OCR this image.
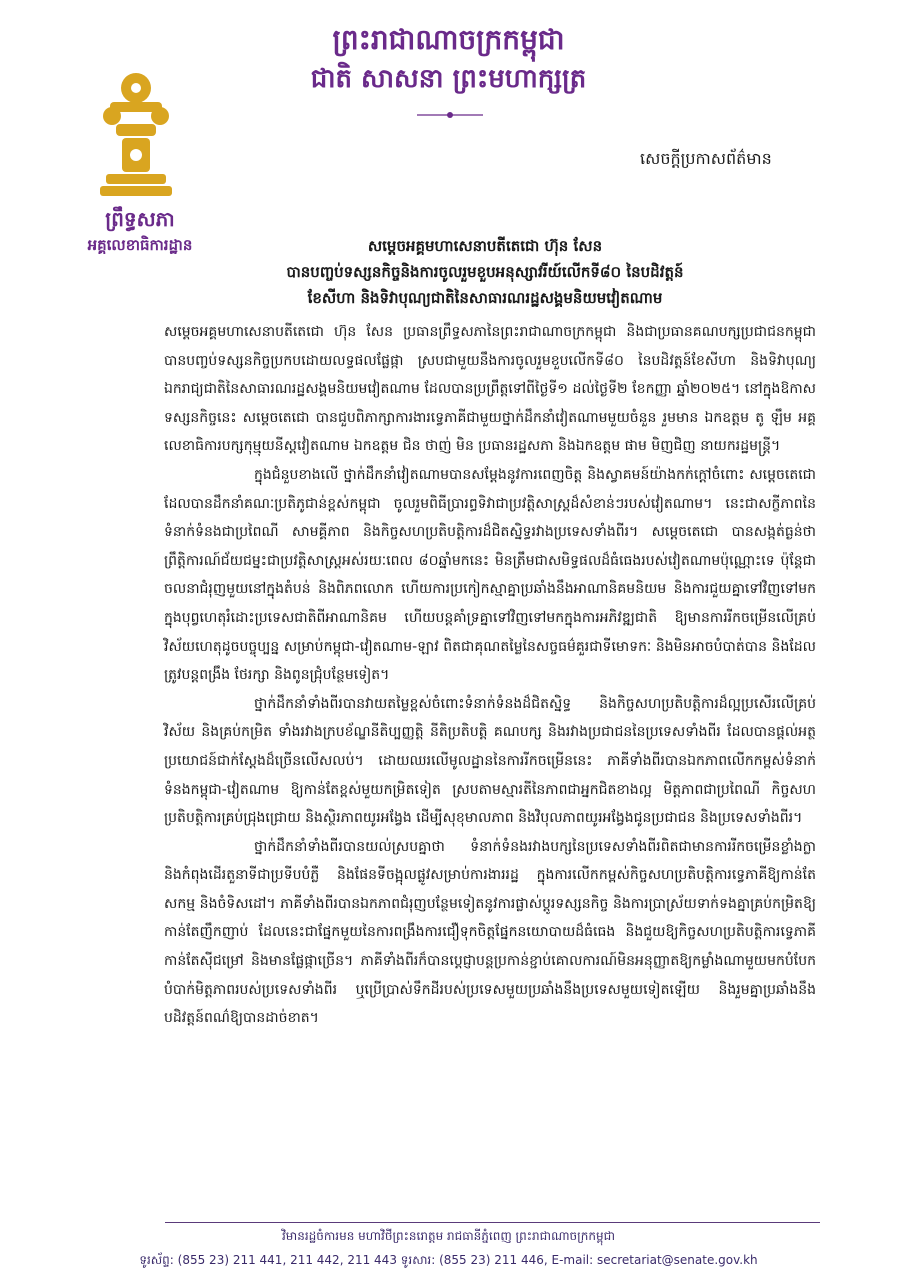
ព្រះរាជាណាចក្រកម្ពុជា
ជាតិ សាសនា ព្រះមហាក្សត្រ
ព្រឹទ្ធសភា
អគ្គលេខាធិការដ្ឋាន
សេចក្តីប្រកាសព័ត៌មាន
សម្តេចអគ្គមហាសេនាបតីតេជោ ហ៊ុន សែន
បានបញ្ចប់ទស្សនកិច្ចនិងការចូលរួមខួបអនុស្សាវរីយ៍លើកទី៨០ នៃបដិវត្តន៍
ខែសីហា និងទិវាបុណ្យជាតិនៃសាធារណរដ្ឋសង្គមនិយមវៀតណាម

សម្តេចអគ្គមហាសេនាបតីតេជោ ហ៊ុន សែន ប្រធានព្រឹទ្ធសភានៃព្រះរាជាណាចក្រកម្ពុជា និងជាប្រធានគណបក្សប្រជាជនកម្ពុជា បានបញ្ចប់ទស្សនកិច្ចប្រកបដោយលទ្ធផលផ្លែផ្កា ស្របជាមួយនឹងការចូលរួមខួបលើកទី៨០ នៃបដិវត្តន៍ខែសីហា និងទិវាបុណ្យឯករាជ្យជាតិនៃសាធារណរដ្ឋសង្គមនិយមវៀតណាម ដែលបានប្រព្រឹត្តទៅពីថ្ងៃទី១ ដល់ថ្ងៃទី២ ខែកញ្ញា ឆ្នាំ២០២៥។ នៅក្នុងឱកាសទស្សនកិច្ចនេះ សម្តេចតេជោ បានជួបពិភាក្សាការងារទ្វេភាគីជាមួយថ្នាក់ដឹកនាំវៀតណាមមួយចំនួន រួមមាន ឯកឧត្តម តូ ឡឹម អគ្គលេខាធិការបក្សកុម្មុយនីស្តវៀតណាម ឯកឧត្តម ជិន ថាញ់ មិន ប្រធានរដ្ឋសភា និងឯកឧត្តម ផាម មិញជិញ នាយករដ្ឋមន្ត្រី។

ក្នុងជំនួបខាងលើ ថ្នាក់ដឹកនាំវៀតណាមបានសម្តែងនូវការពេញចិត្ត និងស្វាគមន៍យ៉ាងកក់ក្តៅចំពោះ សម្តេចតេជោ ដែលបានដឹកនាំគណៈប្រតិភូជាន់ខ្ពស់កម្ពុជា ចូលរួមពិធីប្រារព្ធទិវាជាប្រវត្តិសាស្ត្រដ៏សំខាន់ៗរបស់វៀតណាម។ នេះជាសក្ខីភាពនៃទំនាក់ទំនងជាប្រពៃណី សាមគ្គីភាព និងកិច្ចសហប្រតិបត្តិការដ៏ជិតស្និទ្ធរវាងប្រទេសទាំងពីរ។ សម្តេចតេជោ បានសង្កត់ធ្ងន់ថា ព្រឹត្តិការណ៍ជ័យជម្នះជាប្រវត្តិសាស្ត្រអស់រយៈពេល ៨០ឆ្នាំមកនេះ មិនត្រឹមជាសមិទ្ធផលដ៏ធំធេងរបស់វៀតណាមប៉ុណ្ណោះទេ ប៉ុន្តែជាចលនាជំរុញមួយនៅក្នុងតំបន់ និងពិភពលោក ហើយការប្រកៀកស្មាគ្នាប្រឆាំងនឹងអាណានិគមនិយម និងការជួយគ្នាទៅវិញទៅមក ក្នុងបុព្វហេតុរំដោះប្រទេសជាតិពីអាណានិគម ហើយបន្តគាំទ្រគ្នាទៅវិញទៅមកក្នុងការអភិវឌ្ឍជាតិ ឱ្យមានការរីកចម្រើនលើគ្រប់វិស័យហេតុដូចបច្ចុប្បន្ន សម្រាប់កម្ពុជា-វៀតណាម-ឡាវ ពិតជាគុណតម្លៃនៃសច្ចធម៌គួរជាទីមោទកៈ និងមិនអាចបំបាត់បាន និងដែលត្រូវបន្តពង្រឹង ថែរក្សា និងពូនជ្រុំបន្ថែមទៀត។

ថ្នាក់ដឹកនាំទាំងពីរបានវាយតម្លៃខ្ពស់ចំពោះទំនាក់ទំនងដ៏ជិតស្និទ្ធ និងកិច្ចសហប្រតិបត្តិការដ៏ល្អប្រសើរលើគ្រប់វិស័យ និងគ្រប់កម្រិត ទាំងរវាងក្របខ័ណ្ឌនីតិប្បញ្ញត្តិ នីតិប្រតិបត្តិ គណបក្ស និងរវាងប្រជាជននៃប្រទេសទាំងពីរ ដែលបានផ្តល់អត្ថប្រយោជន៍ជាក់ស្តែងដ៏ច្រើនលើសលប់។ ដោយឈរលើមូលដ្ឋាននៃការរីកចម្រើននេះ ភាគីទាំងពីរបានឯកភាពលើកកម្ពស់ទំនាក់ទំនងកម្ពុជា-វៀតណាម ឱ្យកាន់តែខ្ពស់មួយកម្រិតទៀត ស្របតាមស្មារតីនៃភាពជាអ្នកជិតខាងល្អ មិត្តភាពជាប្រពៃណី កិច្ចសហប្រតិបត្តិការគ្រប់ជ្រុងជ្រោយ និងស្ថិរភាពយូរអង្វែង ដើម្បីសុខុមាលភាព និងវិបុលភាពយូរអង្វែងជូនប្រជាជន និងប្រទេសទាំងពីរ។

ថ្នាក់ដឹកនាំទាំងពីរបានយល់ស្របគ្នាថា ទំនាក់ទំនងរវាងបក្សនៃប្រទេសទាំងពីរពិតជាមានការរីកចម្រើនខ្លាំងក្លា និងកំពុងដើរតួនាទីជាប្រទីបបំភ្លឺ និងផែនទីចង្អុលផ្លូវសម្រាប់ការងាររដ្ឋ ក្នុងការលើកកម្ពស់កិច្ចសហប្រតិបត្តិការទ្វេភាគីឱ្យកាន់តែសកម្ម និងចំទិសដៅ។ ភាគីទាំងពីរបានឯកភាពជំរុញបន្ថែមទៀតនូវការផ្លាស់ប្តូរទស្សនកិច្ច និងការប្រាស្រ័យទាក់ទងគ្នាគ្រប់កម្រិតឱ្យកាន់តែញឹកញាប់ ដែលនេះជាផ្នែកមួយនៃការពង្រឹងការជឿទុកចិត្តផ្នែកនយោបាយដ៏ធំធេង និងជួយឱ្យកិច្ចសហប្រតិបត្តិការទ្វេភាគីកាន់តែស៊ីជម្រៅ និងមានផ្លែផ្កាច្រើន។ ភាគីទាំងពីរក៏បានប្តេជ្ញាបន្តប្រកាន់ខ្ជាប់គោលការណ៍មិនអនុញ្ញាតឱ្យកម្លាំងណាមួយមកបំបែកបំបាក់មិត្តភាពរបស់ប្រទេសទាំងពីរ ឬប្រើប្រាស់ទឹកដីរបស់ប្រទេសមួយប្រឆាំងនឹងប្រទេសមួយទៀតឡើយ និងរួមគ្នាប្រឆាំងនឹងបដិវត្តន៍ពណ៌ឱ្យបានដាច់ខាត។

វិមានរដ្ឋចំការមន មហាវិថីព្រះនរោត្តម រាជធានីភ្នំពេញ ព្រះរាជាណាចក្រកម្ពុជា
ទូរស័ព្ទ: (855 23) 211 441, 211 442, 211 443 ទូរសារ: (855 23) 211 446, E-mail: secretariat@senate.gov.kh
